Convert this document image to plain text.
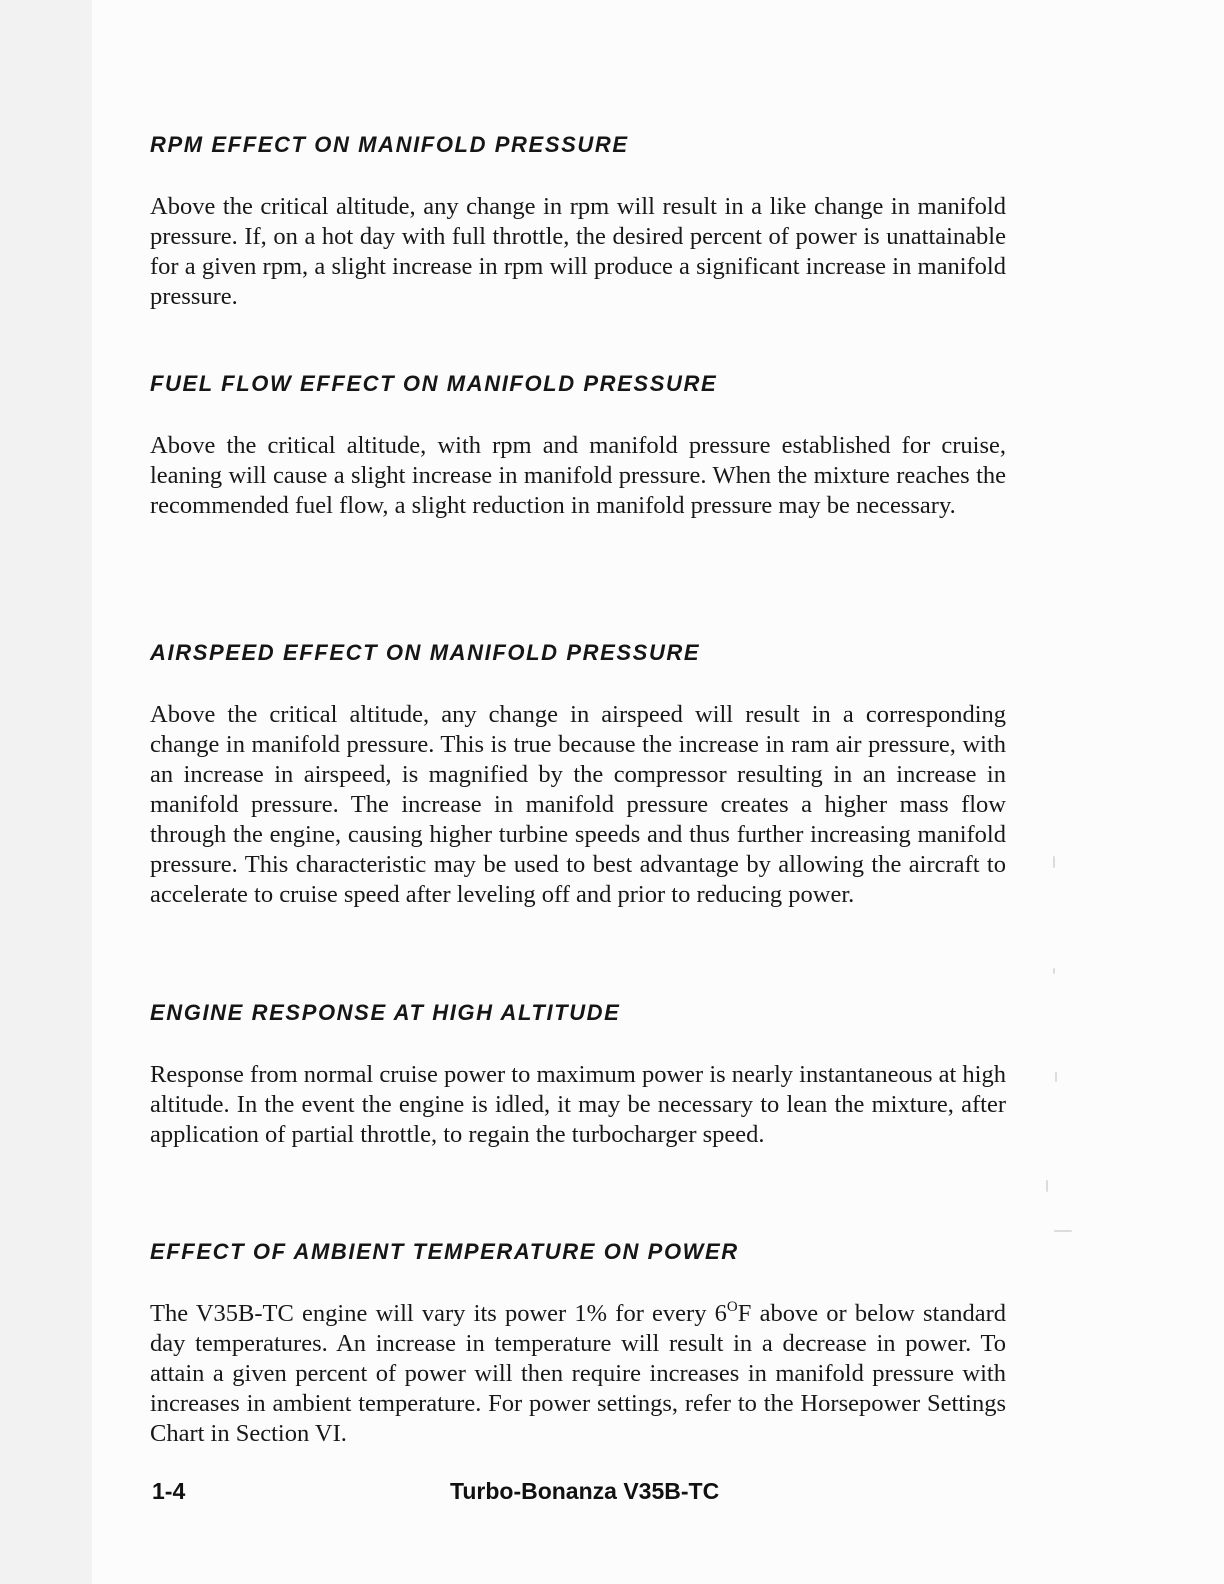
RPM EFFECT ON MANIFOLD PRESSURE

Above the critical altitude, any change in rpm will result in a like change in manifold pressure. If, on a hot day with full throttle, the desired percent of power is unattainable for a given rpm, a slight increase in rpm will produce a significant increase in manifold pressure.

FUEL FLOW EFFECT ON MANIFOLD PRESSURE

Above the critical altitude, with rpm and manifold pressure established for cruise, leaning will cause a slight increase in manifold pressure. When the mixture reaches the recommended fuel flow, a slight reduction in manifold pressure may be necessary.

AIRSPEED EFFECT ON MANIFOLD PRESSURE

Above the critical altitude, any change in airspeed will result in a corresponding change in manifold pressure. This is true because the increase in ram air pressure, with an increase in airspeed, is magnified by the compressor resulting in an increase in manifold pressure. The increase in manifold pressure creates a higher mass flow through the engine, causing higher turbine speeds and thus further increasing manifold pressure. This characteristic may be used to best advantage by allowing the aircraft to accelerate to cruise speed after leveling off and prior to reducing power.

ENGINE RESPONSE AT HIGH ALTITUDE

Response from normal cruise power to maximum power is nearly instantaneous at high altitude. In the event the engine is idled, it may be necessary to lean the mixture, after application of partial throttle, to regain the turbocharger speed.

EFFECT OF AMBIENT TEMPERATURE ON POWER

The V35B-TC engine will vary its power 1% for every $6^OF$ above or below standard day temperatures. An increase in temperature will result in a decrease in power. To attain a given percent of power will then require increases in manifold pressure with increases in ambient temperature. For power settings, refer to the Horsepower Settings Chart in Section VI.

1-4	Turbo-Bonanza V35B-TC
